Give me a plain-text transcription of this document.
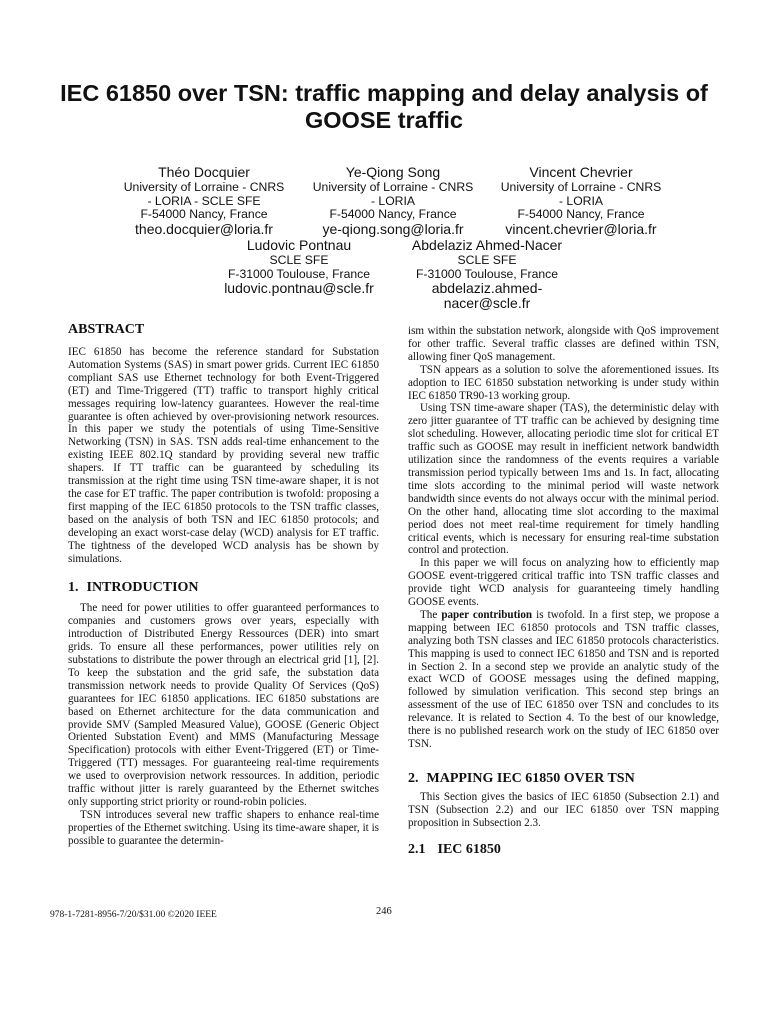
IEC 61850 over TSN: traffic mapping and delay analysis of
GOOSE traffic
Théo Docquier
University of Lorraine - CNRS
- LORIA - SCLE SFE
F-54000 Nancy, France
theo.docquier@loria.fr
Ye-Qiong Song
University of Lorraine - CNRS
- LORIA
F-54000 Nancy, France
ye-qiong.song@loria.fr
Vincent Chevrier
University of Lorraine - CNRS
- LORIA
F-54000 Nancy, France
vincent.chevrier@loria.fr
Ludovic Pontnau
SCLE SFE
F-31000 Toulouse, France
ludovic.pontnau@scle.fr
Abdelaziz Ahmed-Nacer
SCLE SFE
F-31000 Toulouse, France
abdelaziz.ahmed-
nacer@scle.fr
ABSTRACT

IEC 61850 has become the reference standard for Substation Automation Systems (SAS) in smart power grids. Current IEC 61850 compliant SAS use Ethernet technology for both Event-Triggered (ET) and Time-Triggered (TT) traffic to transport highly critical messages requiring low-latency guarantees. However the real-time guarantee is often achieved by over-provisioning network resources. In this paper we study the potentials of using Time-Sensitive Networking (TSN) in SAS. TSN adds real-time enhancement to the existing IEEE 802.1Q standard by providing several new traffic shapers. If TT traffic can be guaranteed by scheduling its transmission at the right time using TSN time-aware shaper, it is not the case for ET traffic. The paper contribution is twofold: proposing a first mapping of the IEC 61850 protocols to the TSN traffic classes, based on the analysis of both TSN and IEC 61850 protocols; and developing an exact worst-case delay (WCD) analysis for ET traffic. The tightness of the developed WCD analysis has be shown by simulations.

1. INTRODUCTION

The need for power utilities to offer guaranteed performances to companies and customers grows over years, especially with introduction of Distributed Energy Ressources (DER) into smart grids. To ensure all these performances, power utilities rely on substations to distribute the power through an electrical grid [1], [2]. To keep the substation and the grid safe, the substation data transmission network needs to provide Quality Of Services (QoS) guarantees for IEC 61850 applications. IEC 61850 substations are based on Ethernet architecture for the data communication and provide SMV (Sampled Measured Value), GOOSE (Generic Object Oriented Substation Event) and MMS (Manufacturing Message Specification) protocols with either Event-Triggered (ET) or Time-Triggered (TT) messages. For guaranteeing real-time requirements we used to overprovision network ressources. In addition, periodic traffic without jitter is rarely guaranteed by the Ethernet switches only supporting strict priority or round-robin policies.

TSN introduces several new traffic shapers to enhance real-time properties of the Ethernet switching. Using its time-aware shaper, it is possible to guarantee the determin-

ism within the substation network, alongside with QoS improvement for other traffic. Several traffic classes are defined within TSN, allowing finer QoS management.

TSN appears as a solution to solve the aforementioned issues. Its adoption to IEC 61850 substation networking is under study within IEC 61850 TR90-13 working group.

Using TSN time-aware shaper (TAS), the deterministic delay with zero jitter guarantee of TT traffic can be achieved by designing time slot scheduling. However, allocating periodic time slot for critical ET traffic such as GOOSE may result in inefficient network bandwidth utilization since the randomness of the events requires a variable transmission period typically between 1ms and 1s. In fact, allocating time slots according to the minimal period will waste network bandwidth since events do not always occur with the minimal period. On the other hand, allocating time slot according to the maximal period does not meet real-time requirement for timely handling critical events, which is necessary for ensuring real-time substation control and protection.

In this paper we will focus on analyzing how to efficiently map GOOSE event-triggered critical traffic into TSN traffic classes and provide tight WCD analysis for guaranteeing timely handling GOOSE events.

The paper contribution is twofold. In a first step, we propose a mapping between IEC 61850 protocols and TSN traffic classes, analyzing both TSN classes and IEC 61850 protocols characteristics. This mapping is used to connect IEC 61850 and TSN and is reported in Section 2. In a second step we provide an analytic study of the exact WCD of GOOSE messages using the defined mapping, followed by simulation verification. This second step brings an assessment of the use of IEC 61850 over TSN and concludes to its relevance. It is related to Section 4. To the best of our knowledge, there is no published research work on the study of IEC 61850 over TSN.

2. MAPPING IEC 61850 OVER TSN

This Section gives the basics of IEC 61850 (Subsection 2.1) and TSN (Subsection 2.2) and our IEC 61850 over TSN mapping proposition in Subsection 2.3.

2.1 IEC 61850
978-1-7281-8956-7/20/$31.00 ©2020 IEEE	246
